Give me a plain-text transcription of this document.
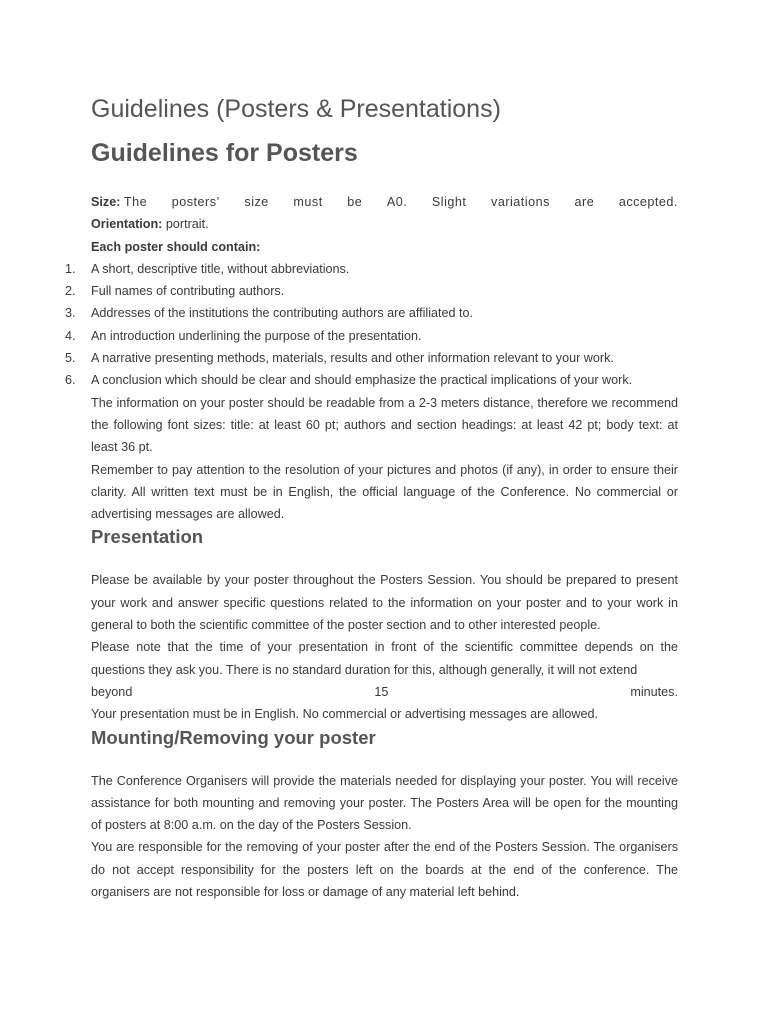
Guidelines (Posters & Presentations)
Guidelines for Posters
Size: The posters’ size must be A0. Slight variations are accepted.

Orientation: portrait.

Each poster should contain:

1.	A short, descriptive title, without abbreviations.
2.	Full names of contributing authors.
3.	Addresses of the institutions the contributing authors are affiliated to.
4.	An introduction underlining the purpose of the presentation.
5.	A narrative presenting methods, materials, results and other information relevant to your work.
6.	A conclusion which should be clear and should emphasize the practical implications of your work.

The information on your poster should be readable from a 2-3 meters distance, therefore we recommend the following font sizes: title: at least 60 pt; authors and section headings: at least 42 pt; body text: at least 36 pt.

Remember to pay attention to the resolution of your pictures and photos (if any), in order to ensure their clarity. All written text must be in English, the official language of the Conference. No commercial or advertising messages are allowed.

Presentation

Please be available by your poster throughout the Posters Session. You should be prepared to present your work and answer specific questions related to the information on your poster and to your work in general to both the scientific committee of the poster section and to other interested people.

Please note that the time of your presentation in front of the scientific committee depends on the questions they ask you. There is no standard duration for this, although generally, it will not extend

beyond	15	minutes.

Your presentation must be in English. No commercial or advertising messages are allowed.

Mounting/Removing your poster

The Conference Organisers will provide the materials needed for displaying your poster. You will receive assistance for both mounting and removing your poster. The Posters Area will be open for the mounting of posters at 8:00 a.m. on the day of the Posters Session.

You are responsible for the removing of your poster after the end of the Posters Session. The organisers do not accept responsibility for the posters left on the boards at the end of the conference. The organisers are not responsible for loss or damage of any material left behind.
